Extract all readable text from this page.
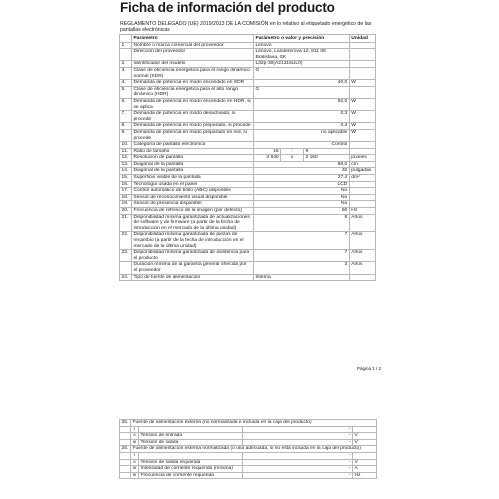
Ficha de información del producto
REGLAMENTO DELEGADO (UE) 2019/2013 DE LA COMISIÓN en lo relativo al etiquetado energético de las pantallas electrónicas
	Parámetro	Parámetro o valor y precisión			Unidad
1.	Nombre o marca comercial del proveedor	Lenovo			
	Dirección del proveedor	Lenovo, Landererova 12, 811 09 Bratislava, SK			
2.	Identificador del modelo	L32p-30(A21315UL0)			
3.	Clase de eficiencia energética para el rango dinámico normal (SDR)	G			
4.	Demanda de potencia en modo encendido en SDR	40,0			W
5.	Clase de eficiencia energética para el alto rango dinámico (HDR)	G			
6.	Demanda de potencia en modo encendido en HDR, si se aplica	62,0			W
7.	Demanda de potencia en modo desactivado, si procede	0,3			W
8.	Demanda de potencia en modo preparado, si procede	0,4			W
9.	Demanda de potencia en modo preparado en red, si procede	no aplicable			W
10.	Categoría de pantalla electrónica	Control			
11.	Ratio de tamaño	16	:	9	
12.	Resolución de pantalla	3 840	x	2 160	píxeles
13.	Diagonal de la pantalla	80,0			cm
14.	Diagonal de la pantalla	32			pulgadas
15.	Superficie visible de la pantalla	27,4			dm²
16.	Tecnología usada en el panel	LCD			
17.	Control automático de brillo (ABC) disponible	No			
18.	Sensor de reconocimiento visual disponible	No			
19.	Sensor de presencia disponible	No			
20.	Frecuencia de refresco de la imagen (por defecto)	60			Hz
21.	Disponibilidad mínima garantizada de actualizaciones de software y de firmware (a partir de la fecha de introducción en el mercado de la última unidad)	8			Años
22.	Disponibilidad mínima garantizada de piezas de recambio (a partir de la fecha de introducción en el mercado de la última unidad)	7			Años
23.	Disponibilidad mínima garantizada de asistencia para el producto	7			Años
	Duración mínima de la garantía general ofrecida por el proveedor	3			Años
24.	Tipo de fuente de alimentación	Interna			
Página 1 / 2
25.	Fuente de alimentación externa (no normalizada e incluida en la caja del producto)			
	i		-	
	ii	Tensión de entrada	-	V
	iii	Tensión de salida	-	V
26.	Fuente de alimentación externa normalizada (o una adecuada, si no está incluida en la caja del producto)			
	i		-	
	ii	Tensión de salida requerida	-	V
	iii	Intensidad de corriente requerida (mínima)	-	A
	iv	Frecuencia de corriente requerida	-	Hz
